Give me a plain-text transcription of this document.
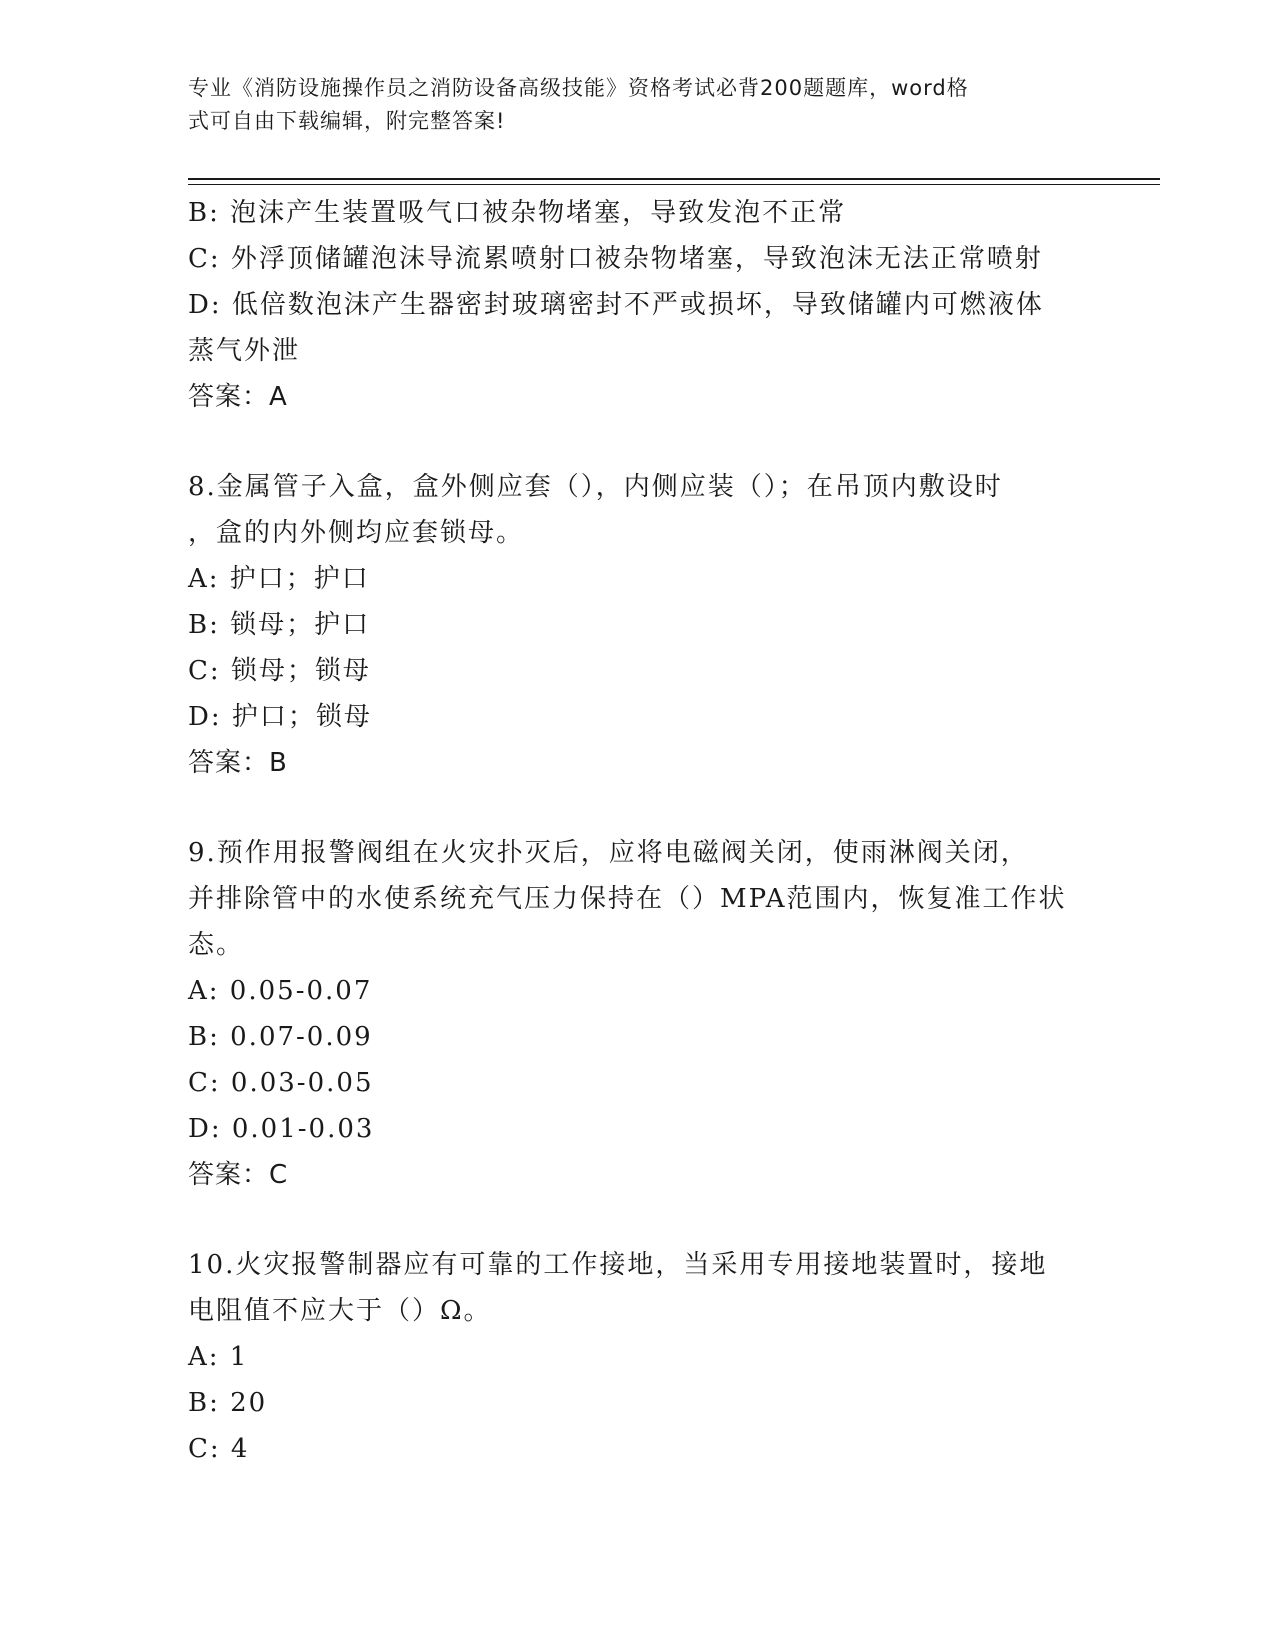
专业《消防设施操作员之消防设备高级技能》资格考试必背200题题库，word格
式可自由下载编辑，附完整答案!
B: 泡沫产生装置吸气口被杂物堵塞，导致发泡不正常
C: 外浮顶储罐泡沫导流累喷射口被杂物堵塞，导致泡沫无法正常喷射
D: 低倍数泡沫产生器密封玻璃密封不严或损坏，导致储罐内可燃液体
蒸气外泄
答案：A
8.金属管子入盒，盒外侧应套（），内侧应装（）；在吊顶内敷设时
，盒的内外侧均应套锁母。
A: 护口；护口
B: 锁母；护口
C: 锁母；锁母
D: 护口；锁母
答案：B
9.预作用报警阀组在火灾扑灭后，应将电磁阀关闭，使雨淋阀关闭，
并排除管中的水使系统充气压力保持在（）MPA范围内，恢复准工作状
态。
A: 0.05-0.07
B: 0.07-0.09
C: 0.03-0.05
D: 0.01-0.03
答案：C
10.火灾报警制器应有可靠的工作接地，当采用专用接地装置时，接地
电阻值不应大于（）Ω。
A: 1
B: 20
C: 4
